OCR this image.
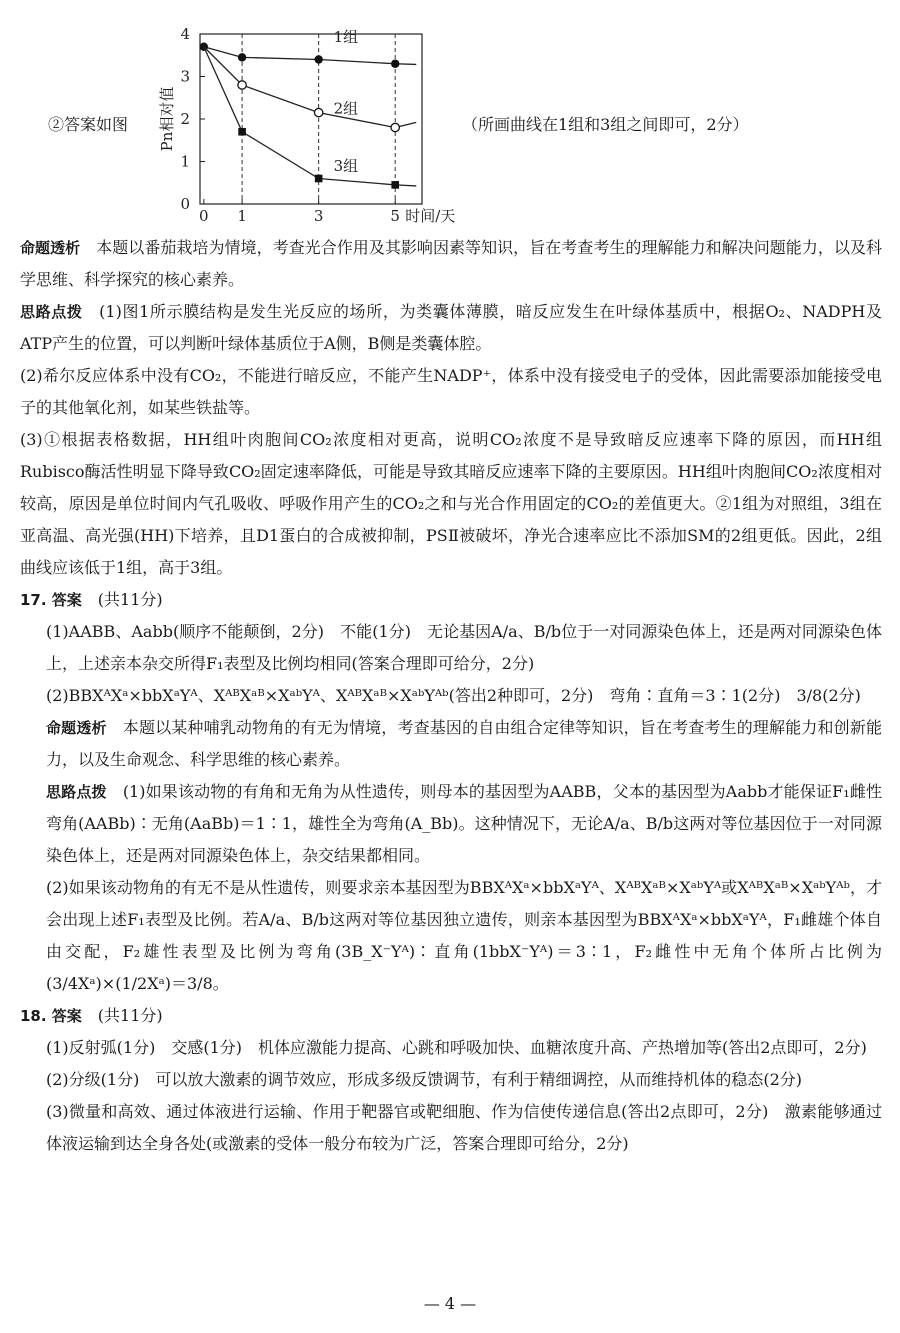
②答案如图
0
1
2
3
4
0 1	3	5 时间/天
Pn相对值
1组
2组
3组
（所画曲线在1组和3组之间即可，2分）
命题透析　本题以番茄栽培为情境，考查光合作用及其影响因素等知识，旨在考查考生的理解能力和解决问题能力，以及科学思维、科学探究的核心素养。
思路点拨　(1)图1所示膜结构是发生光反应的场所，为类囊体薄膜，暗反应发生在叶绿体基质中，根据O₂、NADPH及ATP产生的位置，可以判断叶绿体基质位于A侧，B侧是类囊体腔。
(2)希尔反应体系中没有CO₂，不能进行暗反应，不能产生NADP⁺，体系中没有接受电子的受体，因此需要添加能接受电子的其他氧化剂，如某些铁盐等。
(3)①根据表格数据，HH组叶肉胞间CO₂浓度相对更高，说明CO₂浓度不是导致暗反应速率下降的原因，而HH组Rubisco酶活性明显下降导致CO₂固定速率降低，可能是导致其暗反应速率下降的主要原因。HH组叶肉胞间CO₂浓度相对较高，原因是单位时间内气孔吸收、呼吸作用产生的CO₂之和与光合作用固定的CO₂的差值更大。②1组为对照组，3组在亚高温、高光强(HH)下培养，且D1蛋白的合成被抑制，PSⅡ被破坏，净光合速率应比不添加SM的2组更低。因此，2组曲线应该低于1组，高于3组。
17. 答案　(共11分)
(1)AABB、Aabb(顺序不能颠倒，2分)　不能(1分)　无论基因A/a、B/b位于一对同源染色体上，还是两对同源染色体上，上述亲本杂交所得F₁表型及比例均相同(答案合理即可给分，2分)
(2)BBXᴬXᵃ×bbXᵃYᴬ、XᴬᴮXᵃᴮ×XᵃᵇYᴬ、XᴬᴮXᵃᴮ×XᵃᵇYᴬᵇ(答出2种即可，2分)　弯角∶直角＝3∶1(2分)　3/8(2分)
命题透析　本题以某种哺乳动物角的有无为情境，考查基因的自由组合定律等知识，旨在考查考生的理解能力和创新能力，以及生命观念、科学思维的核心素养。
思路点拨　(1)如果该动物的有角和无角为从性遗传，则母本的基因型为AABB，父本的基因型为Aabb才能保证F₁雌性弯角(AABb)∶无角(AaBb)＝1∶1，雄性全为弯角(A_Bb)。这种情况下，无论A/a、B/b这两对等位基因位于一对同源染色体上，还是两对同源染色体上，杂交结果都相同。
(2)如果该动物角的有无不是从性遗传，则要求亲本基因型为BBXᴬXᵃ×bbXᵃYᴬ、XᴬᴮXᵃᴮ×XᵃᵇYᴬ或XᴬᴮXᵃᴮ×XᵃᵇYᴬᵇ，才会出现上述F₁表型及比例。若A/a、B/b这两对等位基因独立遗传，则亲本基因型为BBXᴬXᵃ×bbXᵃYᴬ，F₁雌雄个体自由交配，F₂雄性表型及比例为弯角(3B_X⁻Yᴬ)∶直角(1bbX⁻Yᴬ)＝3∶1，F₂雌性中无角个体所占比例为(3/4Xᵃ)×(1/2Xᵃ)＝3/8。
18. 答案　(共11分)
(1)反射弧(1分)　交感(1分)　机体应激能力提高、心跳和呼吸加快、血糖浓度升高、产热增加等(答出2点即可，2分)
(2)分级(1分)　可以放大激素的调节效应，形成多级反馈调节，有利于精细调控，从而维持机体的稳态(2分)
(3)微量和高效、通过体液进行运输、作用于靶器官或靶细胞、作为信使传递信息(答出2点即可，2分)　激素能够通过体液运输到达全身各处(或激素的受体一般分布较为广泛，答案合理即可给分，2分)
— 4 —
